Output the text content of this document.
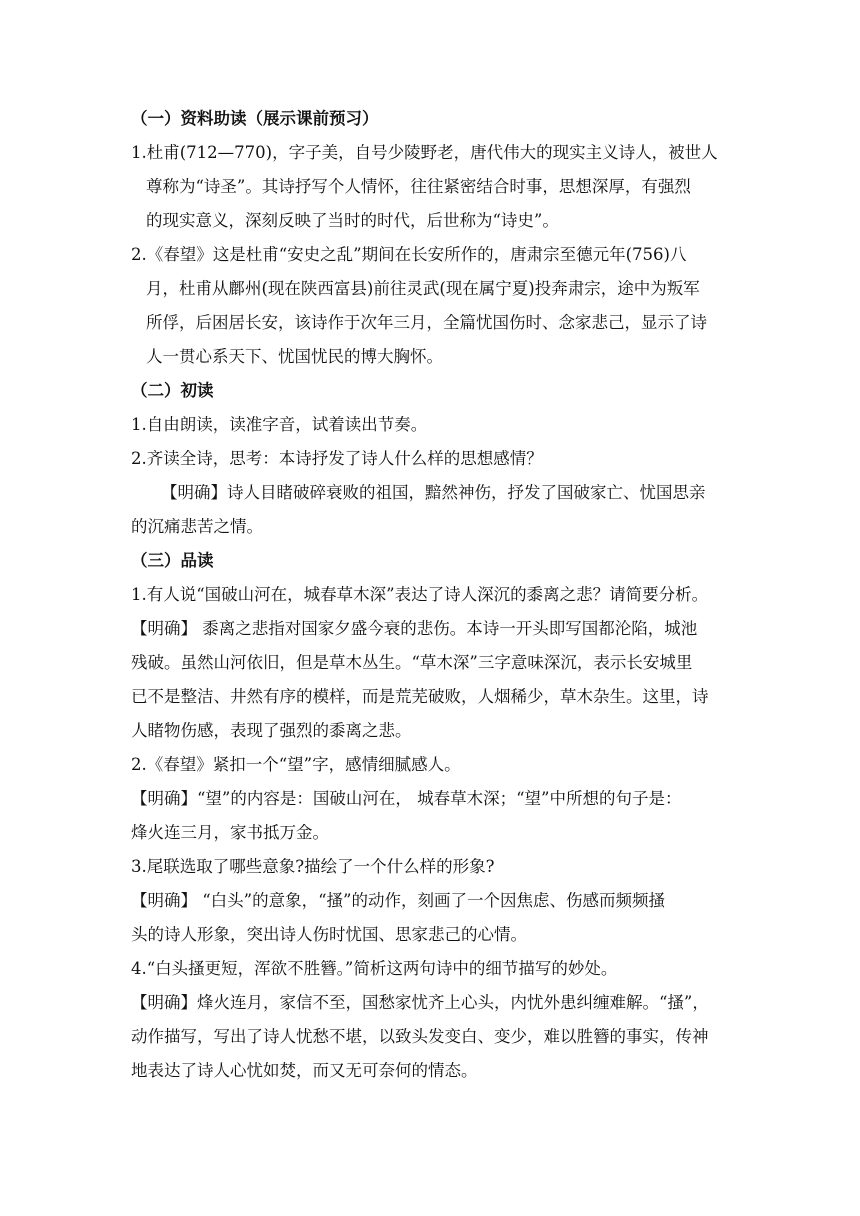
（一）资料助读（展示课前预习）
1.杜甫(712—770)，字子美，自号少陵野老，唐代伟大的现实主义诗人，被世人
尊称为“诗圣”。其诗抒写个人情怀，往往紧密结合时事，思想深厚，有强烈
的现实意义，深刻反映了当时的时代，后世称为“诗史”。
2.《春望》这是杜甫“安史之乱”期间在长安所作的，唐肃宗至德元年(756)八
月，杜甫从鄜州(现在陕西富县)前往灵武(现在属宁夏)投奔肃宗，途中为叛军
所俘，后困居长安，该诗作于次年三月，全篇忧国伤时、念家悲己，显示了诗
人一贯心系天下、忧国忧民的博大胸怀。
（二）初读
1.自由朗读，读准字音，试着读出节奏。
2.齐读全诗，思考：本诗抒发了诗人什么样的思想感情？
【明确】诗人目睹破碎衰败的祖国，黯然神伤，抒发了国破家亡、忧国思亲
的沉痛悲苦之情。
（三）品读
1.有人说“国破山河在，城春草木深”表达了诗人深沉的黍离之悲？请简要分析。
【明确】 黍离之悲指对国家夕盛今衰的悲伤。本诗一开头即写国都沦陷，城池
残破。虽然山河依旧，但是草木丛生。“草木深”三字意味深沉，表示长安城里
已不是整洁、井然有序的模样，而是荒芜破败，人烟稀少，草木杂生。这里，诗
人睹物伤感，表现了强烈的黍离之悲。
2.《春望》紧扣一个“望”字，感情细腻感人。
【明确】“望”的内容是：国破山河在， 城春草木深；“望”中所想的句子是：
烽火连三月，家书抵万金。
3.尾联选取了哪些意象?描绘了一个什么样的形象?
【明确】 “白头”的意象，“搔”的动作，刻画了一个因焦虑、伤感而频频搔
头的诗人形象，突出诗人伤时忧国、思家悲己的心情。
4.“白头搔更短，浑欲不胜簪。”简析这两句诗中的细节描写的妙处。
【明确】烽火连月，家信不至，国愁家忧齐上心头，内忧外患纠缠难解。“搔”，
动作描写，写出了诗人忧愁不堪，以致头发变白、变少，难以胜簪的事实，传神
地表达了诗人心忧如焚，而又无可奈何的情态。
